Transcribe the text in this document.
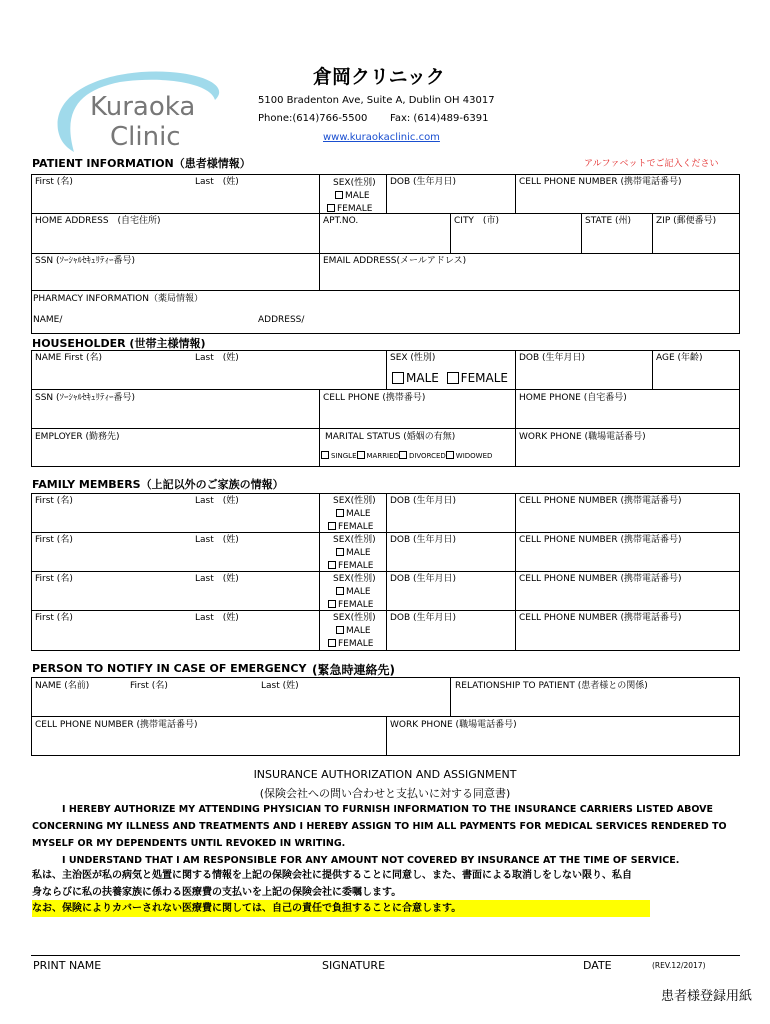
Kuraoka
Clinic
倉岡クリニック
5100 Bradenton Ave, Suite A, Dublin OH 43017
Phone:(614)766-5500 Fax: (614)489-6391
www.kuraokaclinic.com
PATIENT INFORMATION（患者様情報）	アルファベットでご記入ください
First (名)	Last　(姓)	SEX(性別)
MALE
FEMALE
DOB (生年月日)	CELL PHONE NUMBER (携帯電話番号)
HOME ADDRESS　(自宅住所)	APT.NO.	CITY　(市)	STATE (州)	ZIP (郵便番号)
SSN (ｿｰｼｬﾙｾｷｭﾘﾃｨｰ番号)	EMAIL ADDRESS(メールアドレス)
PHARMACY INFORMATION（薬局情報）
NAME/	ADDRESS/
HOUSEHOLDER (世帯主様情報)
NAME First (名)	Last　(姓)	SEX (性別)	DOB (生年月日)	AGE (年齢)
MALE FEMALE
SSN (ｿｰｼｬﾙｾｷｭﾘﾃｨｰ番号)	CELL PHONE (携帯番号)	HOME PHONE (自宅番号)
EMPLOYER (勤務先)	MARITAL STATUS (婚姻の有無)	WORK PHONE (職場電話番号)
SINGLE MARRIED DIVORCED WIDOWED
FAMILY MEMBERS（上記以外のご家族の情報）
First (名)	Last　(姓)	SEX(性別)
MALE
FEMALE
DOB (生年月日)	CELL PHONE NUMBER (携帯電話番号)
First (名)	Last　(姓)	SEX(性別)
MALE
FEMALE
DOB (生年月日)	CELL PHONE NUMBER (携帯電話番号)
First (名)	Last　(姓)	SEX(性別)
MALE
FEMALE
DOB (生年月日)	CELL PHONE NUMBER (携帯電話番号)
First (名)	Last　(姓)	SEX(性別)
MALE
FEMALE
DOB (生年月日)	CELL PHONE NUMBER (携帯電話番号)
PERSON TO NOTIFY IN CASE OF EMERGENCY (緊急時連絡先)
NAME (名前)	First (名)	Last (姓)	RELATIONSHIP TO PATIENT (患者様との関係)
CELL PHONE NUMBER (携帯電話番号)	WORK PHONE (職場電話番号)
INSURANCE AUTHORIZATION AND ASSIGNMENT
(保険会社への問い合わせと支払いに対する同意書)
I HEREBY AUTHORIZE MY ATTENDING PHYSICIAN TO FURNISH INFORMATION TO THE INSURANCE CARRIERS LISTED ABOVE
CONCERNING MY ILLNESS AND TREATMENTS AND I HEREBY ASSIGN TO HIM ALL PAYMENTS FOR MEDICAL SERVICES RENDERED TO
MYSELF OR MY DEPENDENTS UNTIL REVOKED IN WRITING.
I UNDERSTAND THAT I AM RESPONSIBLE FOR ANY AMOUNT NOT COVERED BY INSURANCE AT THE TIME OF SERVICE.
私は、主治医が私の病気と処置に関する情報を上記の保険会社に提供することに同意し、また、書面による取消しをしない限り、私自
身ならびに私の扶養家族に係わる医療費の支払いを上記の保険会社に委嘱します。
なお、保険によりカバーされない医療費に関しては、自己の責任で負担することに合意します。
PRINT NAME	SIGNATURE	DATE	(REV.12/2017)
患者様登録用紙
